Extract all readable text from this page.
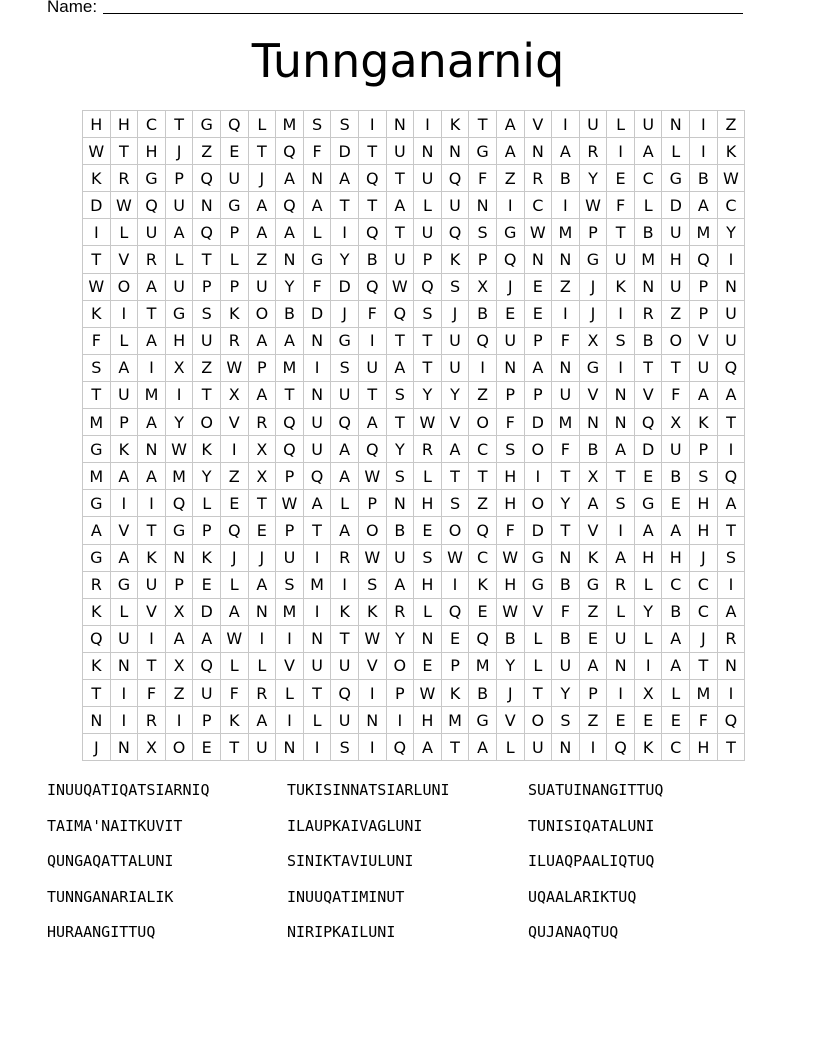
Name:
Tunnganarniq
H	H	C	T	G	Q	L	M	S	S	I	N	I	K	T	A	V	I	U	L	U	N	I	Z
W	T	H	J	Z	E	T	Q	F	D	T	U	N	N	G	A	N	A	R	I	A	L	I	K
K	R	G	P	Q	U	J	A	N	A	Q	T	U	Q	F	Z	R	B	Y	E	C	G	B	W
D	W	Q	U	N	G	A	Q	A	T	T	A	L	U	N	I	C	I	W	F	L	D	A	C
I	L	U	A	Q	P	A	A	L	I	Q	T	U	Q	S	G	W	M	P	T	B	U	M	Y
T	V	R	L	T	L	Z	N	G	Y	B	U	P	K	P	Q	N	N	G	U	M	H	Q	I
W	O	A	U	P	P	U	Y	F	D	Q	W	Q	S	X	J	E	Z	J	K	N	U	P	N
K	I	T	G	S	K	O	B	D	J	F	Q	S	J	B	E	E	I	J	I	R	Z	P	U
F	L	A	H	U	R	A	A	N	G	I	T	T	U	Q	U	P	F	X	S	B	O	V	U
S	A	I	X	Z	W	P	M	I	S	U	A	T	U	I	N	A	N	G	I	T	T	U	Q
T	U	M	I	T	X	A	T	N	U	T	S	Y	Y	Z	P	P	U	V	N	V	F	A	A
M	P	A	Y	O	V	R	Q	U	Q	A	T	W	V	O	F	D	M	N	N	Q	X	K	T
G	K	N	W	K	I	X	Q	U	A	Q	Y	R	A	C	S	O	F	B	A	D	U	P	I
M	A	A	M	Y	Z	X	P	Q	A	W	S	L	T	T	H	I	T	X	T	E	B	S	Q
G	I	I	Q	L	E	T	W	A	L	P	N	H	S	Z	H	O	Y	A	S	G	E	H	A
A	V	T	G	P	Q	E	P	T	A	O	B	E	O	Q	F	D	T	V	I	A	A	H	T
G	A	K	N	K	J	J	U	I	R	W	U	S	W	C	W	G	N	K	A	H	H	J	S
R	G	U	P	E	L	A	S	M	I	S	A	H	I	K	H	G	B	G	R	L	C	C	I
K	L	V	X	D	A	N	M	I	K	K	R	L	Q	E	W	V	F	Z	L	Y	B	C	A
Q	U	I	A	A	W	I	I	N	T	W	Y	N	E	Q	B	L	B	E	U	L	A	J	R
K	N	T	X	Q	L	L	V	U	U	V	O	E	P	M	Y	L	U	A	N	I	A	T	N
T	I	F	Z	U	F	R	L	T	Q	I	P	W	K	B	J	T	Y	P	I	X	L	M	I
N	I	R	I	P	K	A	I	L	U	N	I	H	M	G	V	O	S	Z	E	E	E	F	Q
J	N	X	O	E	T	U	N	I	S	I	Q	A	T	A	L	U	N	I	Q	K	C	H	T
INUUQATIQATSIARNIQ	TUKISINNATSIARLUNI	SUATUINANGITTUQ
TAIMA'NAITKUVIT	ILAUPKAIVAGLUNI	TUNISIQATALUNI
QUNGAQATTALUNI	SINIKTAVIULUNI	ILUAQPAALIQTUQ
TUNNGANARIALIK	INUUQATIMINUT	UQAALARIKTUQ
HURAANGITTUQ	NIRIPKAILUNI	QUJANAQTUQ
